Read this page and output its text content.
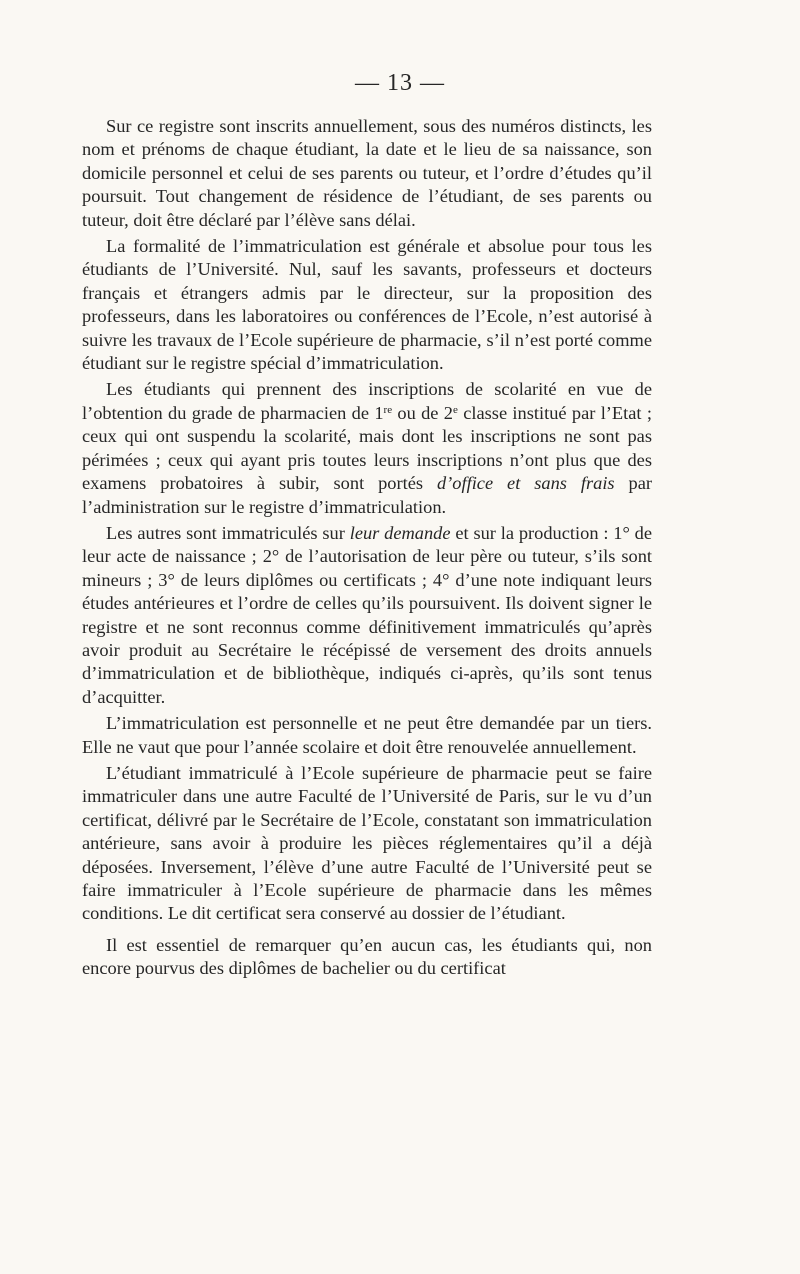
— 13 —

Sur ce registre sont inscrits annuellement, sous des numéros distincts, les nom et prénoms de chaque étudiant, la date et le lieu de sa naissance, son domicile personnel et celui de ses parents ou tuteur, et l’ordre d’études qu’il poursuit. Tout changement de résidence de l’étudiant, de ses parents ou tuteur, doit être déclaré par l’élève sans délai.

La formalité de l’immatriculation est générale et absolue pour tous les étudiants de l’Université. Nul, sauf les savants, professeurs et docteurs français et étrangers admis par le directeur, sur la proposition des professeurs, dans les laboratoires ou conférences de l’Ecole, n’est autorisé à suivre les travaux de l’Ecole supérieure de pharmacie, s’il n’est porté comme étudiant sur le registre spécial d’immatriculation.

Les étudiants qui prennent des inscriptions de scolarité en vue de l’obtention du grade de pharmacien de 1re ou de 2e classe institué par l’Etat ; ceux qui ont suspendu la scolarité, mais dont les inscriptions ne sont pas périmées ; ceux qui ayant pris toutes leurs inscriptions n’ont plus que des examens probatoires à subir, sont portés d’office et sans frais par l’administration sur le registre d’immatriculation.

Les autres sont immatriculés sur leur demande et sur la production : 1° de leur acte de naissance ; 2° de l’autorisation de leur père ou tuteur, s’ils sont mineurs ; 3° de leurs diplômes ou certificats ; 4° d’une note indiquant leurs études antérieures et l’ordre de celles qu’ils poursuivent. Ils doivent signer le registre et ne sont reconnus comme définitivement immatriculés qu’après avoir produit au Secrétaire le récépissé de versement des droits annuels d’immatriculation et de bibliothèque, indiqués ci-après, qu’ils sont tenus d’acquitter.

L’immatriculation est personnelle et ne peut être demandée par un tiers. Elle ne vaut que pour l’année scolaire et doit être renouvelée annuellement.

L’étudiant immatriculé à l’Ecole supérieure de pharmacie peut se faire immatriculer dans une autre Faculté de l’Université de Paris, sur le vu d’un certificat, délivré par le Secrétaire de l’Ecole, constatant son immatriculation antérieure, sans avoir à produire les pièces réglementaires qu’il a déjà déposées. Inversement, l’élève d’une autre Faculté de l’Université peut se faire immatriculer à l’Ecole supérieure de pharmacie dans les mêmes conditions. Le dit certificat sera conservé au dossier de l’étudiant.

Il est essentiel de remarquer qu’en aucun cas, les étudiants qui, non encore pourvus des diplômes de bachelier ou du certificat
